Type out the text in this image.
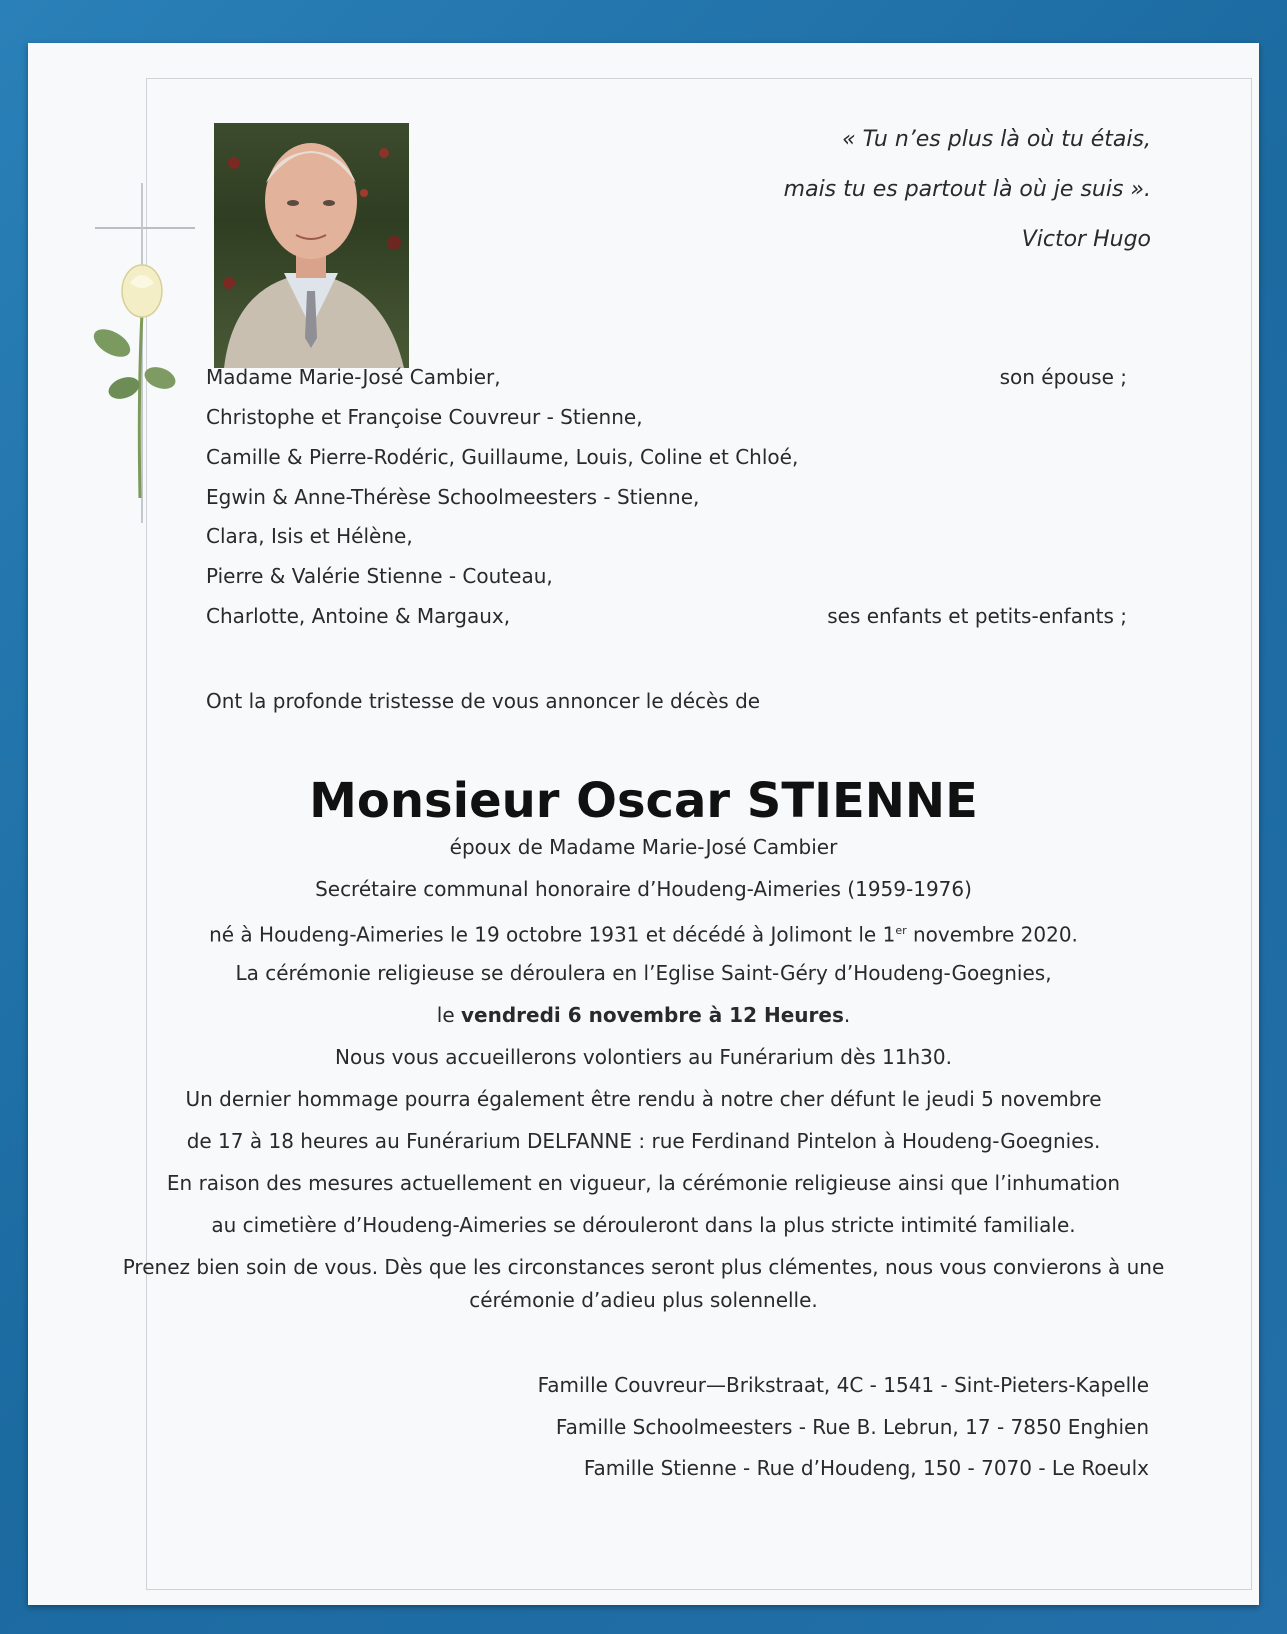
« Tu n’es plus là où tu étais,
mais tu es partout là où je suis ».
Victor Hugo
Madame Marie-José Cambier,	son épouse ;
Christophe et Françoise Couvreur - Stienne,
Camille & Pierre-Rodéric, Guillaume, Louis, Coline et Chloé,
Egwin & Anne-Thérèse Schoolmeesters - Stienne,
Clara, Isis et Hélène,
Pierre & Valérie Stienne - Couteau,
Charlotte, Antoine & Margaux,	ses enfants et petits-enfants ;
Ont la profonde tristesse de vous annoncer le décès de
Monsieur Oscar STIENNE
époux de Madame Marie-José Cambier
Secrétaire communal honoraire d’Houdeng-Aimeries (1959-1976)
né à Houdeng-Aimeries le 19 octobre 1931 et décédé à Jolimont le 1er novembre 2020.
La cérémonie religieuse se déroulera en l’Eglise Saint-Géry d’Houdeng-Goegnies,
le vendredi 6 novembre à 12 Heures.
Nous vous accueillerons volontiers au Funérarium dès 11h30.
Un dernier hommage pourra également être rendu à notre cher défunt le jeudi 5 novembre
de 17 à 18 heures au Funérarium DELFANNE : rue Ferdinand Pintelon à Houdeng-Goegnies.
En raison des mesures actuellement en vigueur, la cérémonie religieuse ainsi que l’inhumation
au cimetière d’Houdeng-Aimeries se dérouleront dans la plus stricte intimité familiale.
Prenez bien soin de vous. Dès que les circonstances seront plus clémentes, nous vous convierons à une
cérémonie d’adieu plus solennelle.
Famille Couvreur—Brikstraat, 4C - 1541 - Sint-Pieters-Kapelle
Famille Schoolmeesters - Rue B. Lebrun, 17 - 7850 Enghien
Famille Stienne - Rue d’Houdeng, 150 - 7070 - Le Roeulx
